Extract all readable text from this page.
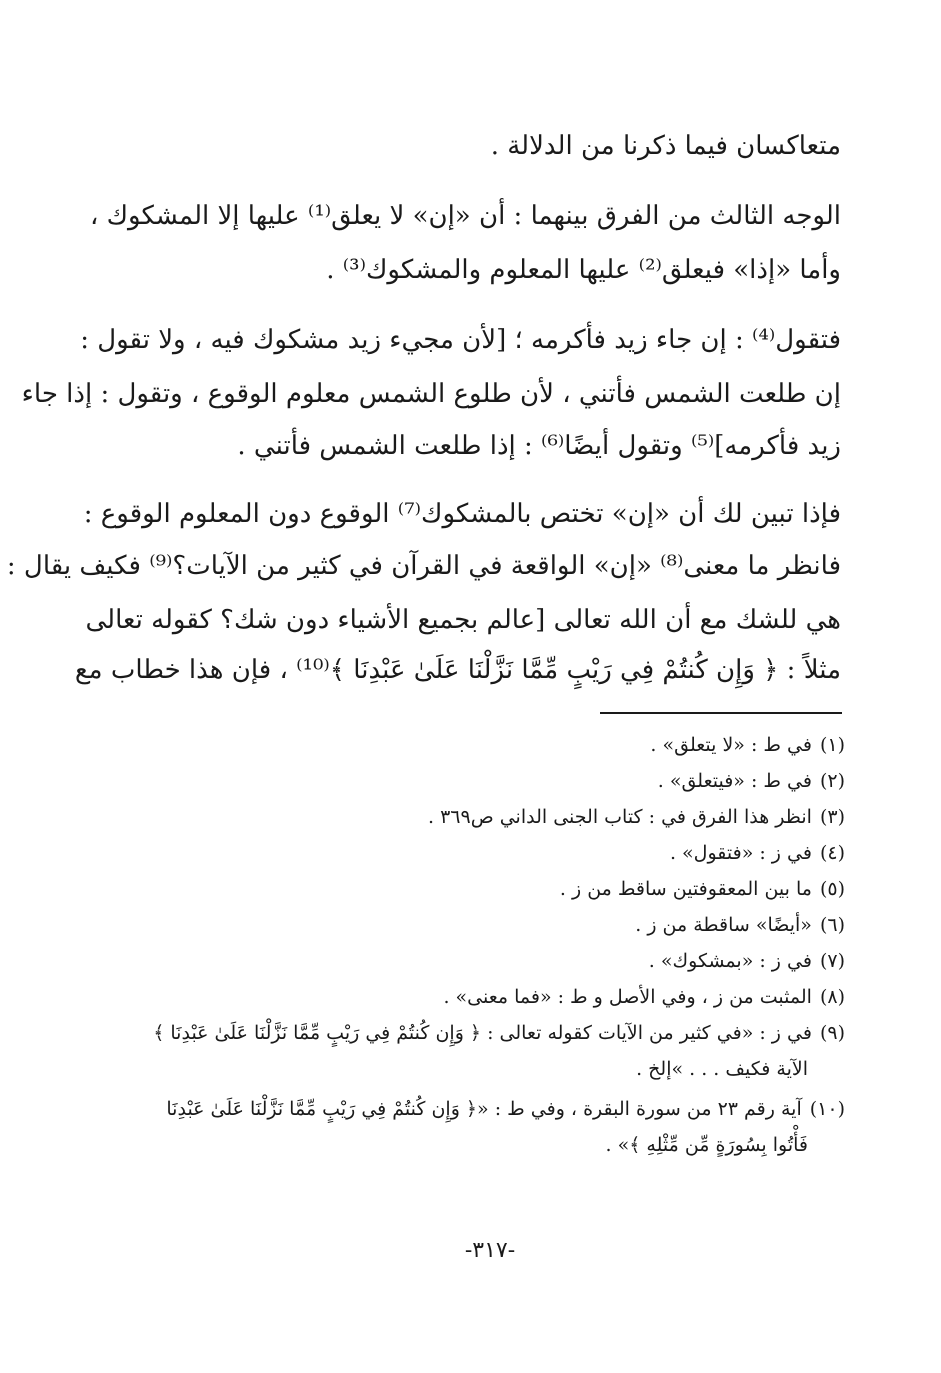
متعاكسان فيما ذكرنا من الدلالة .
الوجه الثالث من الفرق بينهما : أن «إن» لا يعلق⁽¹⁾ عليها إلا المشكوك ،
وأما «إذا» فيعلق⁽²⁾ عليها المعلوم والمشكوك⁽³⁾ .
فتقول⁽⁴⁾ : إن جاء زيد فأكرمه ؛ [لأن مجيء زيد مشكوك فيه ، ولا تقول :
إن طلعت الشمس فأتني ، لأن طلوع الشمس معلوم الوقوع ، وتقول : إذا جاء
زيد فأكرمه]⁽⁵⁾ وتقول أيضًا⁽⁶⁾ : إذا طلعت الشمس فأتني .
فإذا تبين لك أن «إن» تختص بالمشكوك⁽⁷⁾ الوقوع دون المعلوم الوقوع :
فانظر ما معنى⁽⁸⁾ «إن» الواقعة في القرآن في كثير من الآيات؟⁽⁹⁾ فكيف يقال :
هي للشك مع أن الله تعالى [عالم بجميع الأشياء دون شك؟ كقوله تعالى
مثلاً : ﴿ وَإِن كُنتُمْ فِي رَيْبٍ مِّمَّا نَزَّلْنَا عَلَىٰ عَبْدِنَا ﴾⁽¹⁰⁾ ، فإن هذا خطاب مع
(١)في ط : «لا يتعلق» .
(٢)في ط : «فيتعلق» .
(٣)انظر هذا الفرق في : كتاب الجنى الداني ص٣٦٩ .
(٤)في ز : «فتقول» .
(٥)ما بين المعقوفتين ساقط من ز .
(٦)«أيضًا» ساقطة من ز .
(٧)في ز : «بمشكوك» .
(٨)المثبت من ز ، وفي الأصل و ط : «فما معنى» .
(٩)في ز : «في كثير من الآيات كقوله تعالى : ﴿ وَإِن كُنتُمْ فِي رَيْبٍ مِّمَّا نَزَّلْنَا عَلَىٰ عَبْدِنَا ﴾
الآية فكيف . . . »إلخ .
(١٠)آية رقم ٢٣ من سورة البقرة ، وفي ط : «﴿ وَإِن كُنتُمْ فِي رَيْبٍ مِّمَّا نَزَّلْنَا عَلَىٰ عَبْدِنَا
فَأْتُوا بِسُورَةٍ مِّن مِّثْلِهِ ﴾» .
-٣١٧-
